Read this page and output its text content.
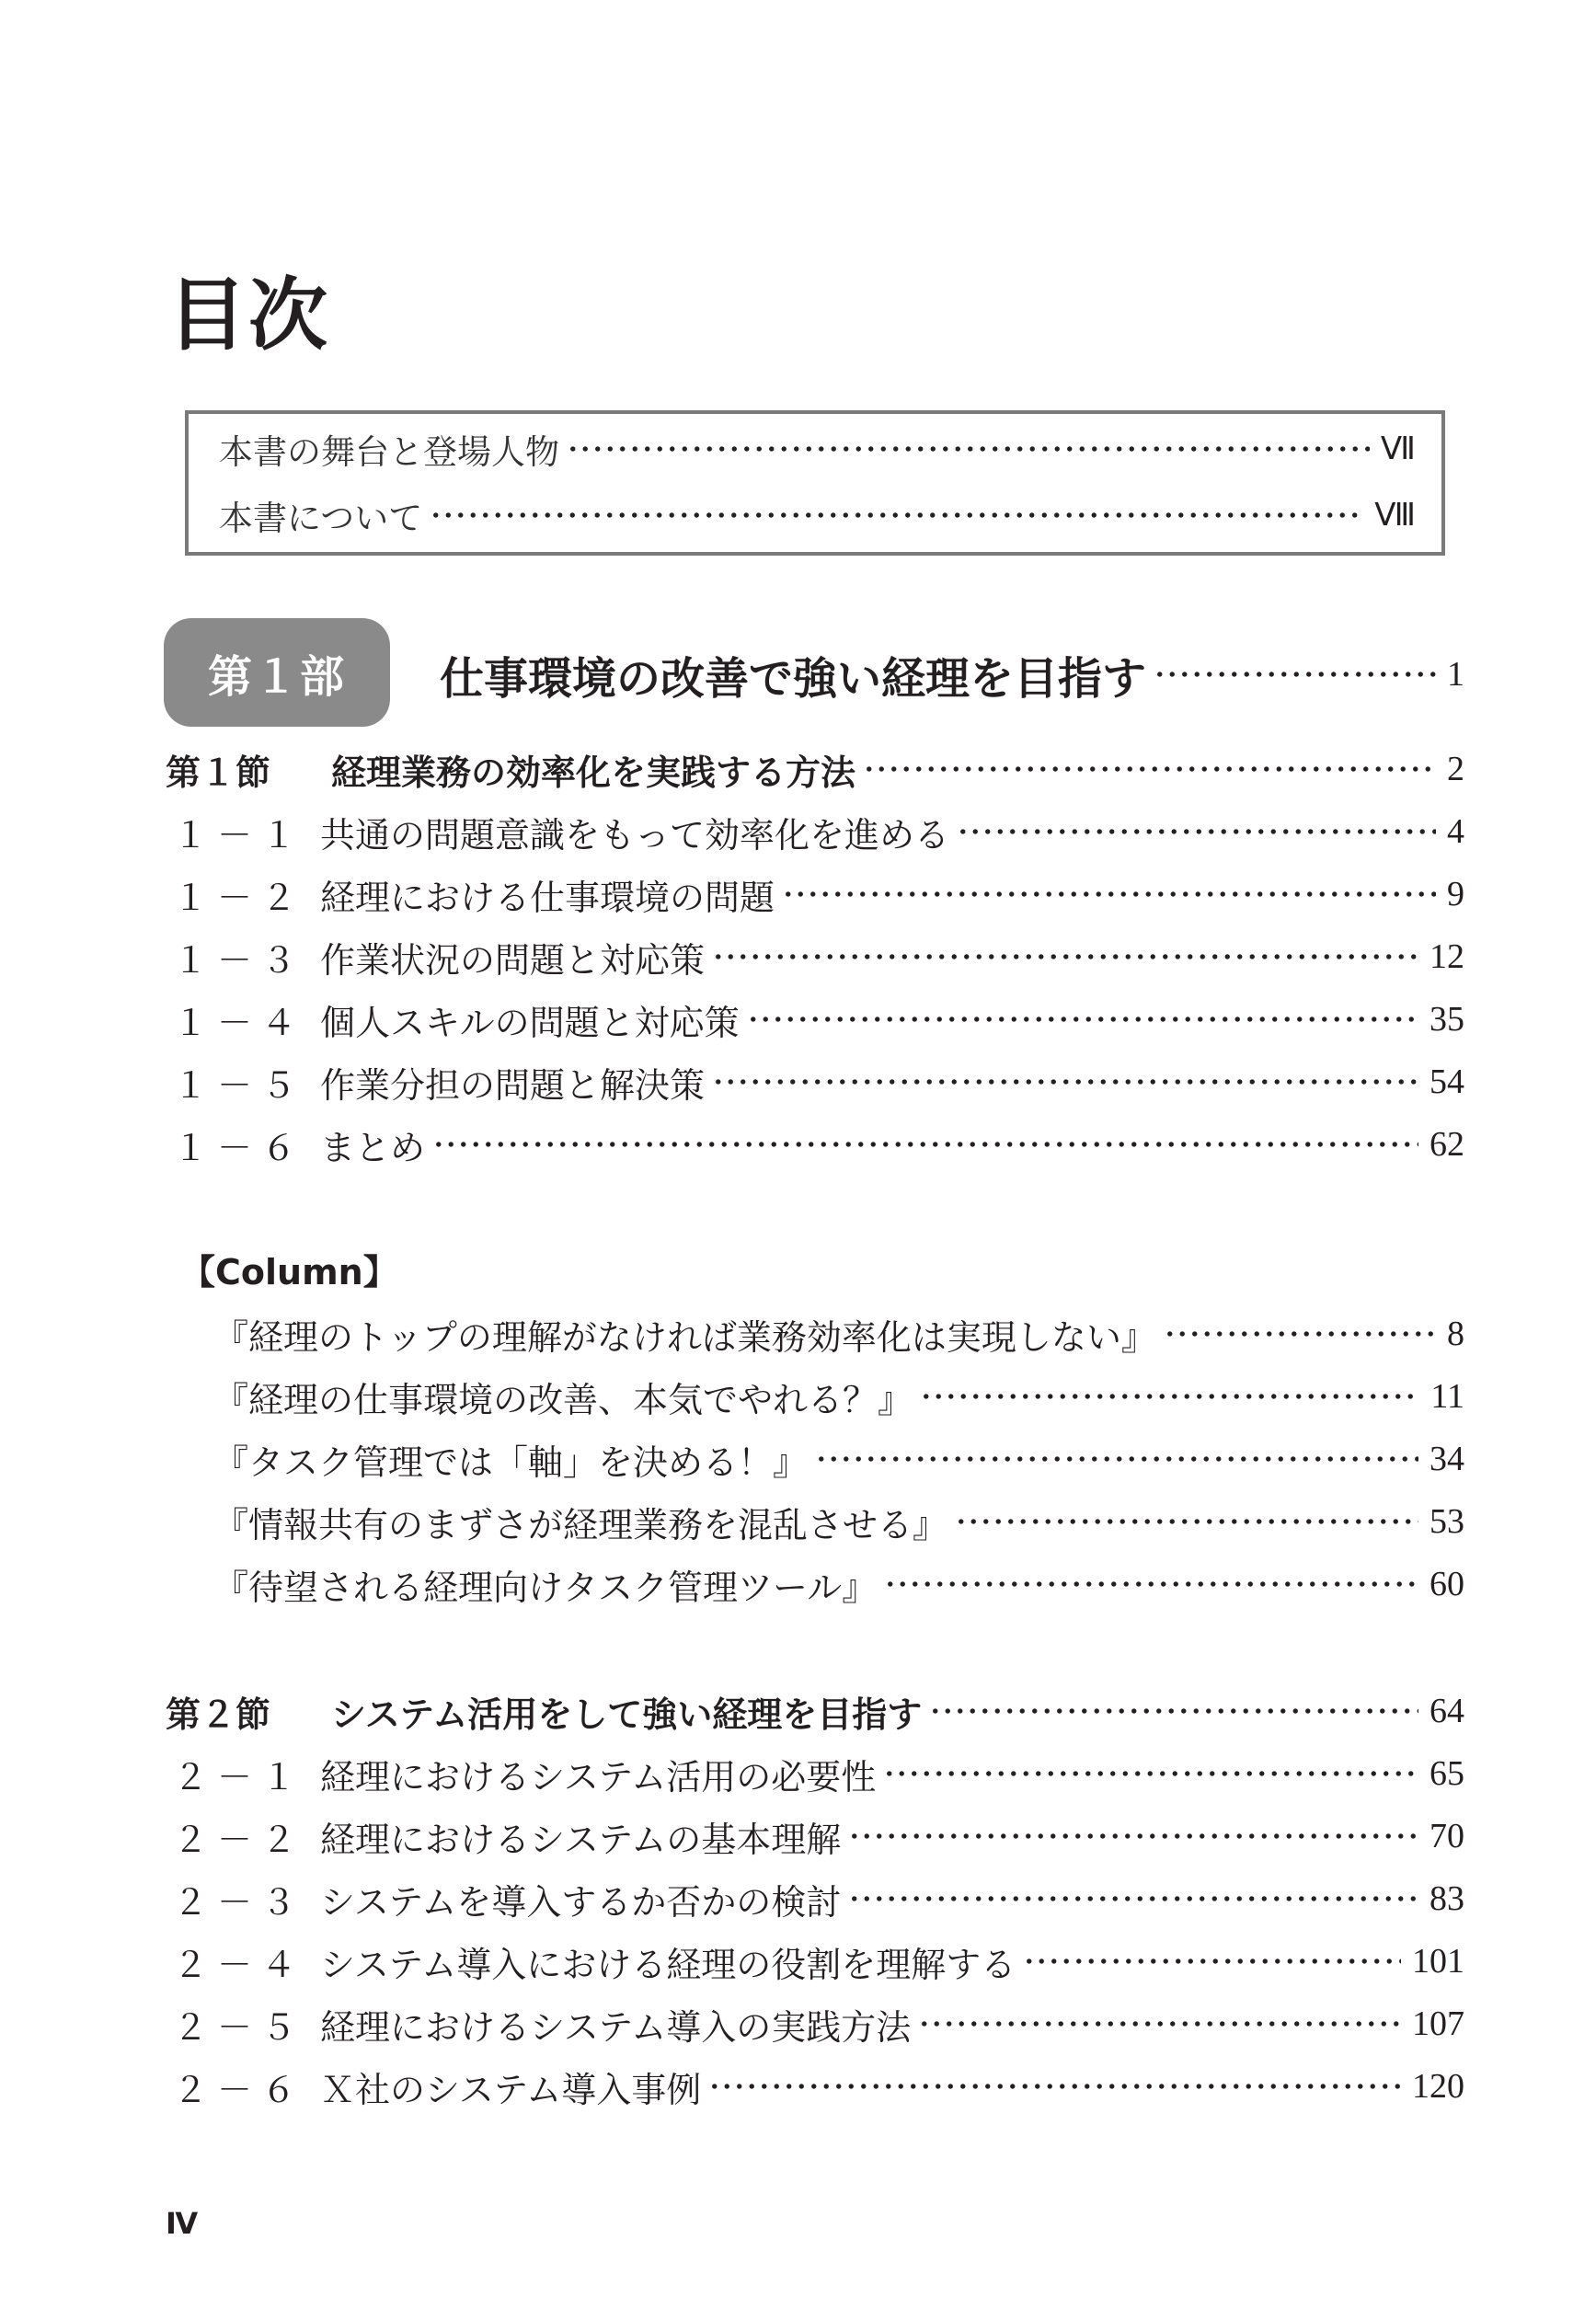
目次
本書の舞台と登場人物	Ⅶ
本書について	Ⅷ
第１部	仕事環境の改善で強い経理を目指す	1
第１節	経理業務の効率化を実践する方法	2
１－１ 共通の問題意識をもって効率化を進める	4
１－２ 経理における仕事環境の問題	9
１－３ 作業状況の問題と対応策	12
１－４ 個人スキルの問題と対応策	35
１－５ 作業分担の問題と解決策	54
１－６ まとめ	62
【Column】
『経理のトップの理解がなければ業務効率化は実現しない』	8
『経理の仕事環境の改善、本気でやれる？』	11
『タスク管理では「軸」を決める！』	34
『情報共有のまずさが経理業務を混乱させる』	53
『待望される経理向けタスク管理ツール』	60
第２節	システム活用をして強い経理を目指す	64
２－１ 経理におけるシステム活用の必要性	65
２－２ 経理におけるシステムの基本理解	70
２－３ システムを導入するか否かの検討	83
２－４ システム導入における経理の役割を理解する	101
２－５ 経理におけるシステム導入の実践方法	107
２－６ Ｘ社のシステム導入事例	120
Ⅳ
